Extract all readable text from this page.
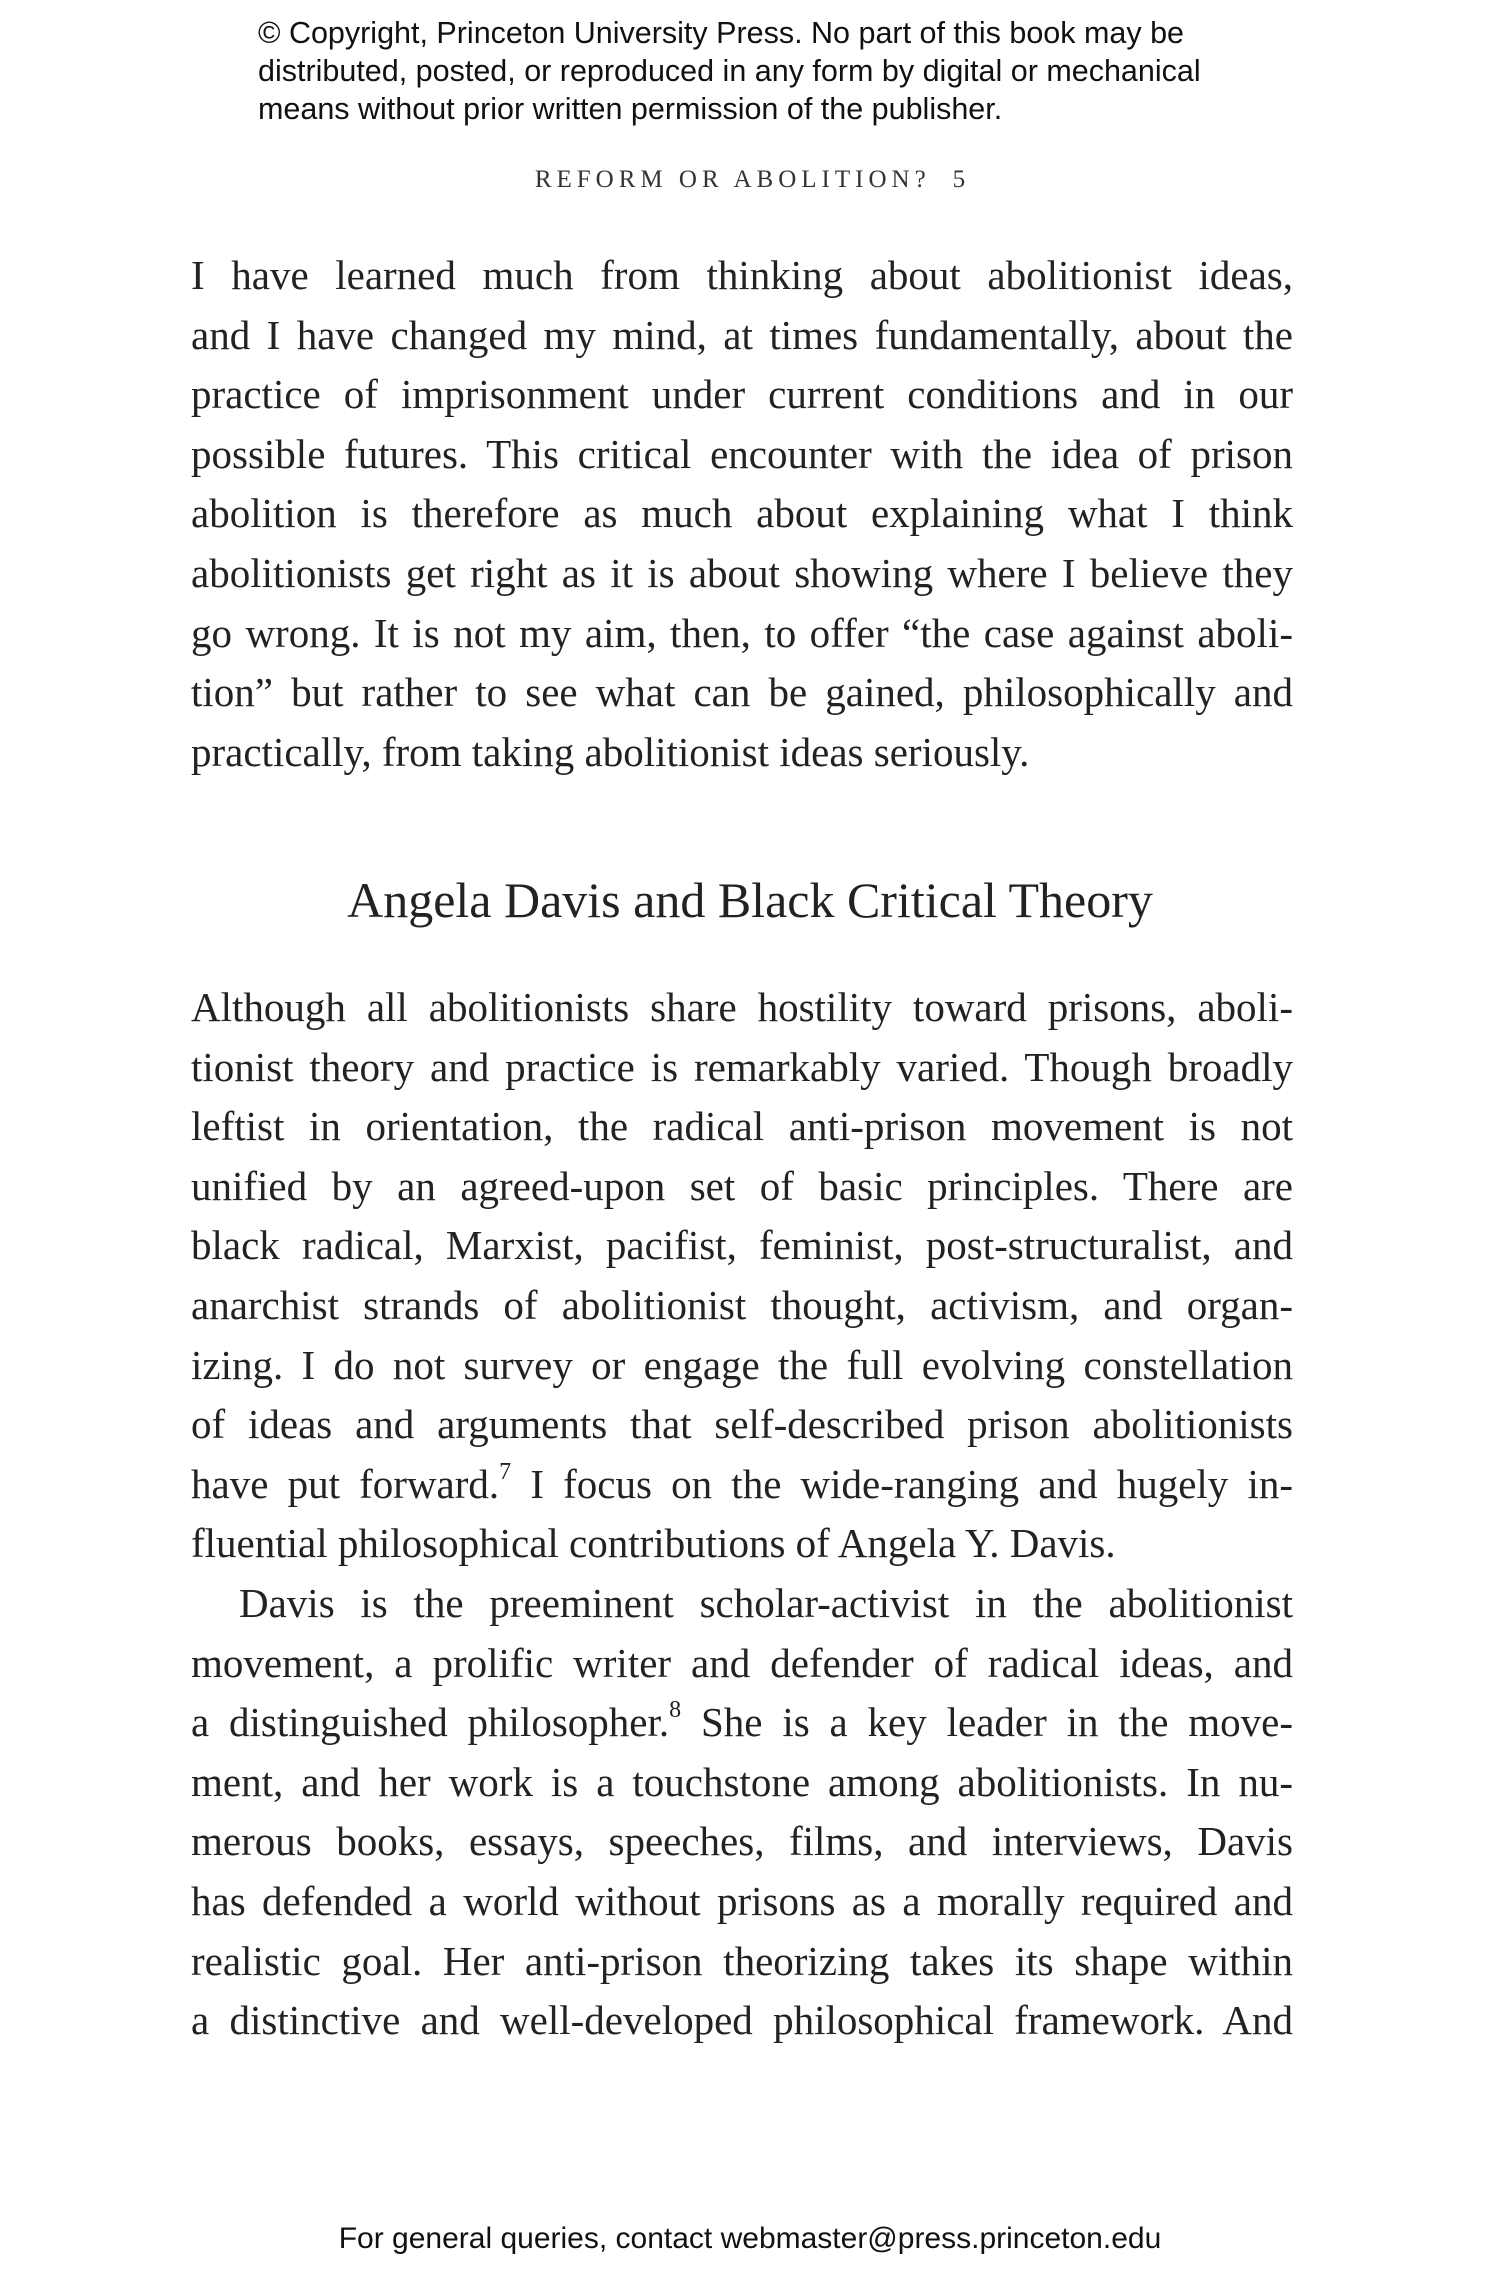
© Copyright, Princeton University Press. No part of this book may be
distributed, posted, or reproduced in any form by digital or mechanical
means without prior written permission of the publisher.
REFORM OR ABOLITION? 5
I have learned much from thinking about abolitionist ideas,
and I have changed my mind, at times fundamentally, about the
practice of imprisonment under current conditions and in our
possible futures. This critical encounter with the idea of prison
abolition is therefore as much about explaining what I think
abolitionists get right as it is about showing where I believe they
go wrong. It is not my aim, then, to offer “the case against aboli-
tion” but rather to see what can be gained, philosophically and
practically, from taking abolitionist ideas seriously.
Angela Davis and Black Critical Theory
Although all abolitionists share hostility toward prisons, aboli-
tionist theory and practice is remarkably varied. Though broadly
leftist in orientation, the radical anti-prison movement is not
unified by an agreed-upon set of basic principles. There are
black radical, Marxist, pacifist, feminist, post-structuralist, and
anarchist strands of abolitionist thought, activism, and organ-
izing. I do not survey or engage the full evolving constellation
of ideas and arguments that self-described prison abolitionists
have put forward.$^7$ I focus on the wide-ranging and hugely in-
fluential philosophical contributions of Angela Y. Davis.
Davis is the preeminent scholar-activist in the abolitionist
movement, a prolific writer and defender of radical ideas, and
a distinguished philosopher.$^8$ She is a key leader in the move-
ment, and her work is a touchstone among abolitionists. In nu-
merous books, essays, speeches, films, and interviews, Davis
has defended a world without prisons as a morally required and
realistic goal. Her anti-prison theorizing takes its shape within
a distinctive and well-developed philosophical framework. And
For general queries, contact webmaster@press.princeton.edu
